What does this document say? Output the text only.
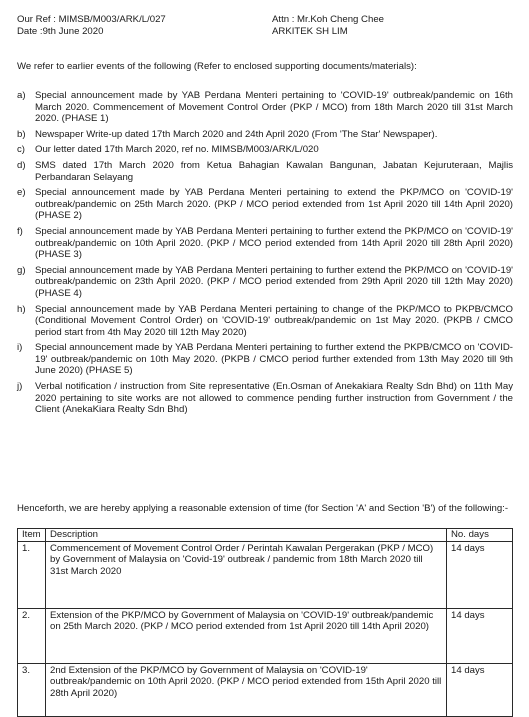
Our Ref : MIMSB/M003/ARK/L/027	Attn : Mr.Koh Cheng Chee
Date :9th June 2020	ARKITEK SH LIM
We refer to earlier events of the following (Refer to enclosed supporting documents/materials):
a) Special announcement made by YAB Perdana Menteri pertaining to 'COVID-19' outbreak/pandemic on 16th March 2020. Commencement of Movement Control Order (PKP / MCO) from 18th March 2020 till 31st March 2020. (PHASE 1)
b) Newspaper Write-up dated 17th March 2020 and 24th April 2020 (From 'The Star' Newspaper).
c)	Our letter dated 17th March 2020, ref no. MIMSB/M003/ARK/L/020
d) SMS dated 17th March 2020 from Ketua Bahagian Kawalan Bangunan, Jabatan Kejuruteraan, Majlis Perbandaran Selayang
e) Special announcement made by YAB Perdana Menteri pertaining to extend the PKP/MCO on 'COVID-19' outbreak/pandemic on 25th March 2020. (PKP / MCO period extended from 1st April 2020 till 14th April 2020) (PHASE 2)
f)	Special announcement made by YAB Perdana Menteri pertaining to further extend the PKP/MCO on 'COVID-19' outbreak/pandemic on 10th April 2020. (PKP / MCO period extended from 14th April 2020 till 28th April 2020) (PHASE 3)
g) Special announcement made by YAB Perdana Menteri pertaining to further extend the PKP/MCO on 'COVID-19' outbreak/pandemic on 23th April 2020. (PKP / MCO period extended from 29th April 2020 till 12th May 2020) (PHASE 4)
h) Special announcement made by YAB Perdana Menteri pertaining to change of the PKP/MCO to PKPB/CMCO (Conditional Movement Control Order) on 'COVID-19' outbreak/pandemic on 1st May 2020. (PKPB / CMCO period start from 4th May 2020 till 12th May 2020)
i)	Special announcement made by YAB Perdana Menteri pertaining to further extend the PKPB/CMCO on 'COVID-19' outbreak/pandemic on 10th May 2020. (PKPB / CMCO period further extended from 13th May 2020 till 9th June 2020) (PHASE 5)
j)	Verbal notification / instruction from Site representative (En.Osman of Anekakiara Realty Sdn Bhd) on 11th May 2020 pertaining to site works are not allowed to commence pending further instruction from Government / the Client (AnekaKiara Realty Sdn Bhd)
Henceforth, we are hereby applying a reasonable extension of time (for Section 'A' and Section 'B') of the following:-
Item	Description	No. days
1.	Commencement of Movement Control Order / Perintah Kawalan Pergerakan (PKP / MCO) by Government of Malaysia on 'Covid-19' outbreak / pandemic from 18th March 2020 till 31st March 2020	14 days
2.	Extension of the PKP/MCO by Government of Malaysia on 'COVID-19' outbreak/pandemic on 25th March 2020. (PKP / MCO period extended from 1st April 2020 till 14th April 2020)	14 days
3.	2nd Extension of the PKP/MCO by Government of Malaysia on 'COVID-19' outbreak/pandemic on 10th April 2020. (PKP / MCO period extended from 15th April 2020 till 28th April 2020)	14 days
